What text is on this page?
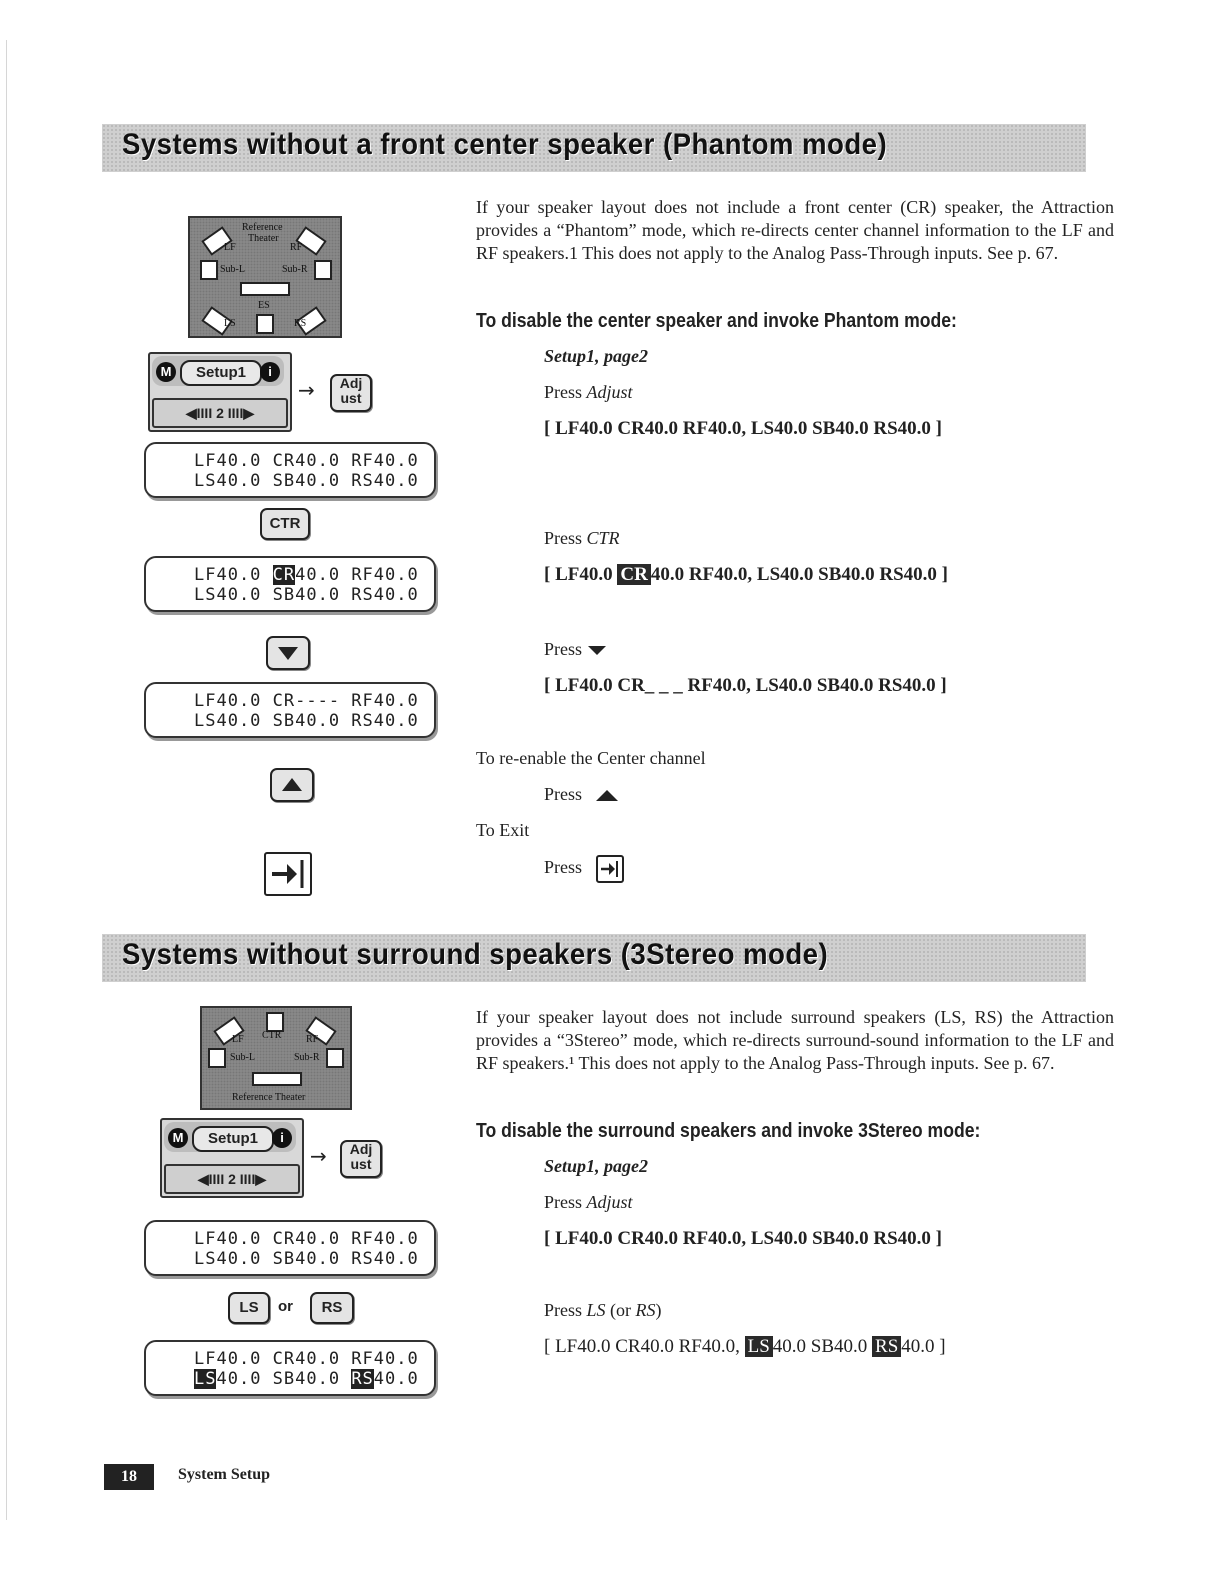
Systems without a front center speaker (Phantom mode)
If your speaker layout does not include a front center (CR) speaker, the Attraction provides a “Phantom” mode, which re-directs center channel information to the LF and RF speakers.1 This does not apply to the Analog Pass-Through inputs. See p. 67.
To disable the center speaker and invoke Phantom mode:
Setup1, page2
Press Adjust
[ LF40.0 CR40.0 RF40.0, LS40.0 SB40.0 RS40.0 ]
Press CTR
[ LF40.0 CR 40.0 RF40.0, LS40.0 SB40.0 RS40.0 ]
Press
[ LF40.0 CR_ _ _ RF40.0, LS40.0 SB40.0 RS40.0 ]
To re-enable the Center channel
Press
To Exit
Press
Reference
Theater
LF	RF
Sub-L	Sub-R
ES
LS	RS
M	Setup1	i
◀IIII 2 IIII▶
→	Adj
ust
LF40.0 CR40.0 RF40.0
LS40.0 SB40.0 RS40.0
CTR
LF40.0 CR40.0 RF40.0
LS40.0 SB40.0 RS40.0
LF40.0 CR---- RF40.0
LS40.0 SB40.0 RS40.0
Systems without surround speakers (3Stereo mode)
If your speaker layout does not include surround speakers (LS, RS) the Attraction provides a “3Stereo” mode, which re-directs surround-sound information to the LF and RF speakers.¹ This does not apply to the Analog Pass-Through inputs. See p. 67.
To disable the surround speakers and invoke 3Stereo mode:
Setup1, page2
Press Adjust
[ LF40.0 CR40.0 RF40.0, LS40.0 SB40.0 RS40.0 ]
Press LS (or RS)
[ LF40.0 CR40.0 RF40.0, LS 40.0 SB40.0 RS 40.0 ]
LF CTR RF
Sub-L	Sub-R
Reference Theater
M	Setup1	i
◀IIII 2 IIII▶
→	Adj
ust
LF40.0 CR40.0 RF40.0
LS40.0 SB40.0 RS40.0
LS	or	RS
LF40.0 CR40.0 RF40.0
LS40.0 SB40.0 RS40.0
18	System Setup
